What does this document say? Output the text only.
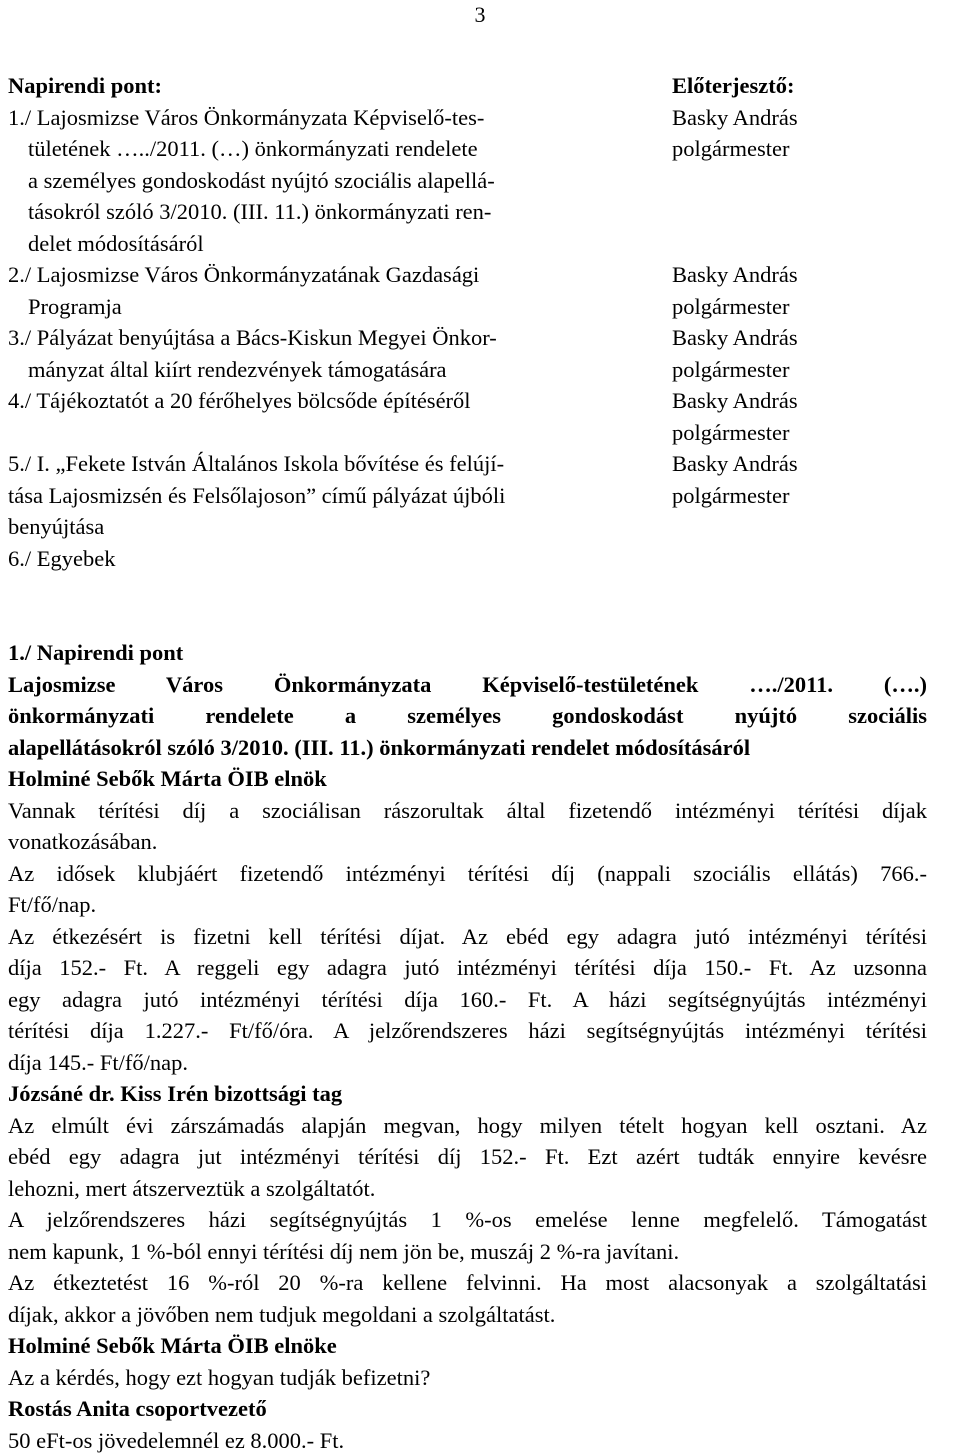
3
Napirendi pont:	Előterjesztő:
1./ Lajosmizse Város Önkormányzata Képviselő-tes-
tületének …../2011. (…) önkormányzati rendelete
a személyes gondoskodást nyújtó szociális alapellá-
tásokról szóló 3/2010. (III. 11.) önkormányzati ren-
delet módosításáról
Basky András
polgármester
2./ Lajosmizse Város Önkormányzatának Gazdasági
Programja
Basky András
polgármester
3./ Pályázat benyújtása a Bács-Kiskun Megyei Önkor-
mányzat által kiírt rendezvények támogatására
Basky András
polgármester
4./ Tájékoztatót a 20 férőhelyes bölcsőde építéséről	Basky András
polgármester
5./ I. „Fekete István Általános Iskola bővítése és felújí-
tása Lajosmizsén és Felsőlajoson” című pályázat újbóli
benyújtása
Basky András
polgármester
6./ Egyebek

1./ Napirendi pont

Lajosmizse Város Önkormányzata Képviselő-testületének …./2011. (….)

önkormányzati rendelete a személyes gondoskodást nyújtó szociális

alapellátásokról szóló 3/2010. (III. 11.) önkormányzati rendelet módosításáról

Holminé Sebők Márta ÖIB elnök

Vannak térítési díj a szociálisan rászorultak által fizetendő intézményi térítési díjak

vonatkozásában.

Az idősek klubjáért fizetendő intézményi térítési díj (nappali szociális ellátás) 766.-

Ft/fő/nap.

Az étkezésért is fizetni kell térítési díjat. Az ebéd egy adagra jutó intézményi térítési

díja 152.- Ft. A reggeli egy adagra jutó intézményi térítési díja 150.- Ft. Az uzsonna

egy adagra jutó intézményi térítési díja 160.- Ft. A házi segítségnyújtás intézményi

térítési díja 1.227.- Ft/fő/óra. A jelzőrendszeres házi segítségnyújtás intézményi térítési

díja 145.- Ft/fő/nap.

Józsáné dr. Kiss Irén bizottsági tag

Az elmúlt évi zárszámadás alapján megvan, hogy milyen tételt hogyan kell osztani. Az

ebéd egy adagra jut intézményi térítési díj 152.- Ft. Ezt azért tudták ennyire kevésre

lehozni, mert átszerveztük a szolgáltatót.

A jelzőrendszeres házi segítségnyújtás 1 %-os emelése lenne megfelelő. Támogatást

nem kapunk, 1 %-ból ennyi térítési díj nem jön be, muszáj 2 %-ra javítani.

Az étkeztetést 16 %-ról 20 %-ra kellene felvinni. Ha most alacsonyak a szolgáltatási

díjak, akkor a jövőben nem tudjuk megoldani a szolgáltatást.

Holminé Sebők Márta ÖIB elnöke

Az a kérdés, hogy ezt hogyan tudják befizetni?

Rostás Anita csoportvezető

50 eFt-os jövedelemnél ez 8.000.- Ft.
